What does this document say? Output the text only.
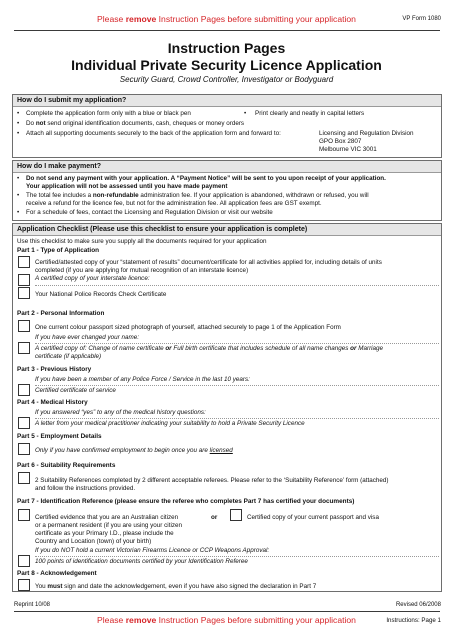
Please remove Instruction Pages before submitting your application	VP Form 1080
Instruction Pages
Individual Private Security Licence Application
Security Guard, Crowd Controller, Investigator or Bodyguard
How do I submit my application?
• Complete the application form only with a blue or black pen	• Print clearly and neatly in capital letters
• Do not send original identification documents, cash, cheques or money orders
• Attach all supporting documents securely to the back of the application form and forward to:	Licensing and Regulation Division
GPO Box 2807
Melbourne VIC 3001
How do I make payment?
• Do not send any payment with your application. A “Payment Notice” will be sent to you upon receipt of your application.
Your application will not be assessed until you have made payment
• The total fee includes a non-refundable administration fee. If your application is abandoned, withdrawn or refused, you will
receive a refund for the licence fee, but not for the administration fee. All application fees are GST exempt.
• For a schedule of fees, contact the Licensing and Regulation Division or visit our website
Application Checklist (Please use this checklist to ensure your application is complete)
Use this checklist to make sure you supply all the documents required for your application
Part 1 - Type of Application
Certified/attested copy of your “statement of results” document/certificate for all activities applied for, including details of units
completed (if you are applying for mutual recognition of an interstate licence)
A certified copy of your interstate licence:
Your National Police Records Check Certificate
Part 2 - Personal Information
One current colour passport sized photograph of yourself, attached securely to page 1 of the Application Form
If you have ever changed your name:
A certified copy of: Change of name certificate or Full birth certificate that includes schedule of all name changes or Marriage
certificate (if applicable)
Part 3 - Previous History
If you have been a member of any Police Force / Service in the last 10 years:
Certified certificate of service
Part 4 - Medical History
If you answered “yes” to any of the medical history questions:
A letter from your medical practitioner indicating your suitability to hold a Private Security Licence
Part 5 - Employment Details
Only if you have confirmed employment to begin once you are licensed
Part 6 - Suitability Requirements
2 Suitability References completed by 2 different acceptable referees. Please refer to the ‘Suitability Reference’ form (attached)
and follow the instructions provided.
Part 7 - Identification Reference (please ensure the referee who completes Part 7 has certified your documents)
Certified evidence that you are an Australian citizen
or a permanent resident (if you are using your citizen
certificate as your Primary I.D., please include the
Country and Location (town) of your birth)
or	Certified copy of your current passport and visa
If you do NOT hold a current Victorian Firearms Licence or CCP Weapons Approval:
100 points of identification documents certified by your Identification Referee
Part 8 - Acknowledgement
You must sign and date the acknowledgement, even if you have also signed the declaration in Part 7
Reprint 10/08	Revised 06/2008
Please remove Instruction Pages before submitting your application	Instructions: Page 1
